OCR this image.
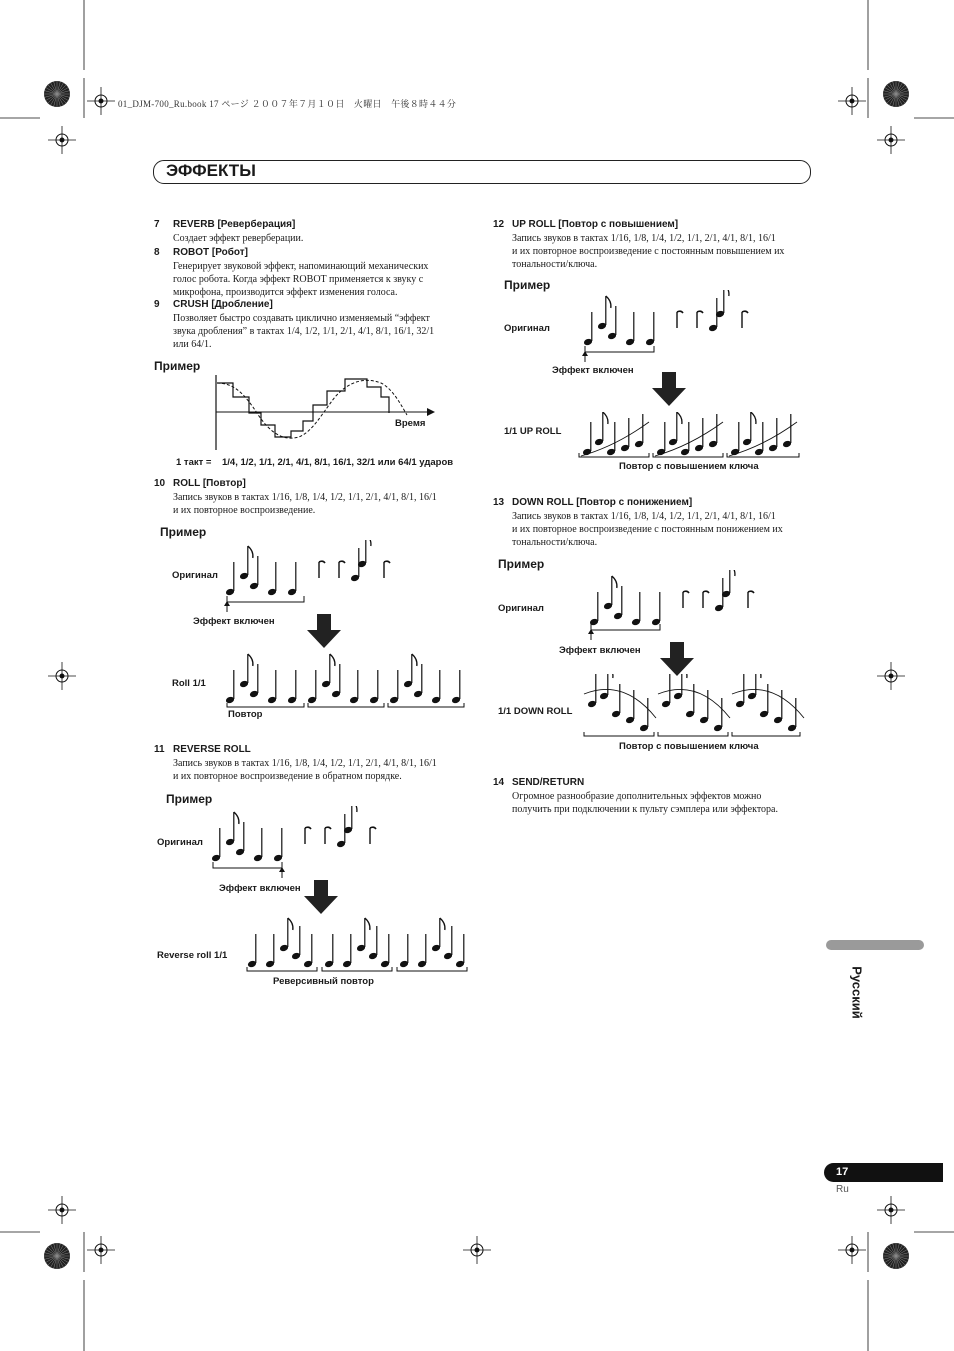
01_DJM-700_Ru.book 17 ページ ２００７年７月１０日　火曜日　午後８時４４分
ЭФФЕКТЫ
7 REVERB [Реверберация]
Создает эффект реверберации.
8 ROBOT [Робот]
Генерирует звуковой эффект, напоминающий механических
голос робота. Когда эффект ROBOT применяется к звуку с
микрофона, производится эффект изменения голоса.
9 CRUSH [Дробление]
Позволяет быстро создавать циклично изменяемый “эффект
звука дробления” в тактах 1/4, 1/2, 1/1, 2/1, 4/1, 8/1, 16/1, 32/1
или 64/1.
Пример
Время
1 такт = 1/4, 1/2, 1/1, 2/1, 4/1, 8/1, 16/1, 32/1 или 64/1 ударов
10 ROLL [Повтор]
Запись звуков в тактах 1/16, 1/8, 1/4, 1/2, 1/1, 2/1, 4/1, 8/1, 16/1
и их повторное воспроизведение.
Пример
Оригинал
Эффект включен
Roll 1/1
Повтор
11 REVERSE ROLL
Запись звуков в тактах 1/16, 1/8, 1/4, 1/2, 1/1, 2/1, 4/1, 8/1, 16/1
и их повторное воспроизведение в обратном порядке.
Пример
Оригинал
Эффект включен
Reverse roll 1/1
Реверсивный повтор
12 UP ROLL [Повтор с повышением]
Запись звуков в тактах 1/16, 1/8, 1/4, 1/2, 1/1, 2/1, 4/1, 8/1, 16/1
и их повторное воспроизведение с постоянным повышением их
тональности/ключа.
Пример
Оригинал
Эффект включен
1/1 UP ROLL
Повтор с повышением ключа
13 DOWN ROLL [Повтор с понижением]
Запись звуков в тактах 1/16, 1/8, 1/4, 1/2, 1/1, 2/1, 4/1, 8/1, 16/1
и их повторное воспроизведение с постоянным понижением их
тональности/ключа.
Пример
Оригинал
Эффект включен
1/1 DOWN ROLL
Повтор с повышением ключа
14 SEND/RETURN
Огромное разнообразие дополнительных эффектов можно
получить при подключении к пульту сэмплера или эффектора.
Русский
17
Ru
